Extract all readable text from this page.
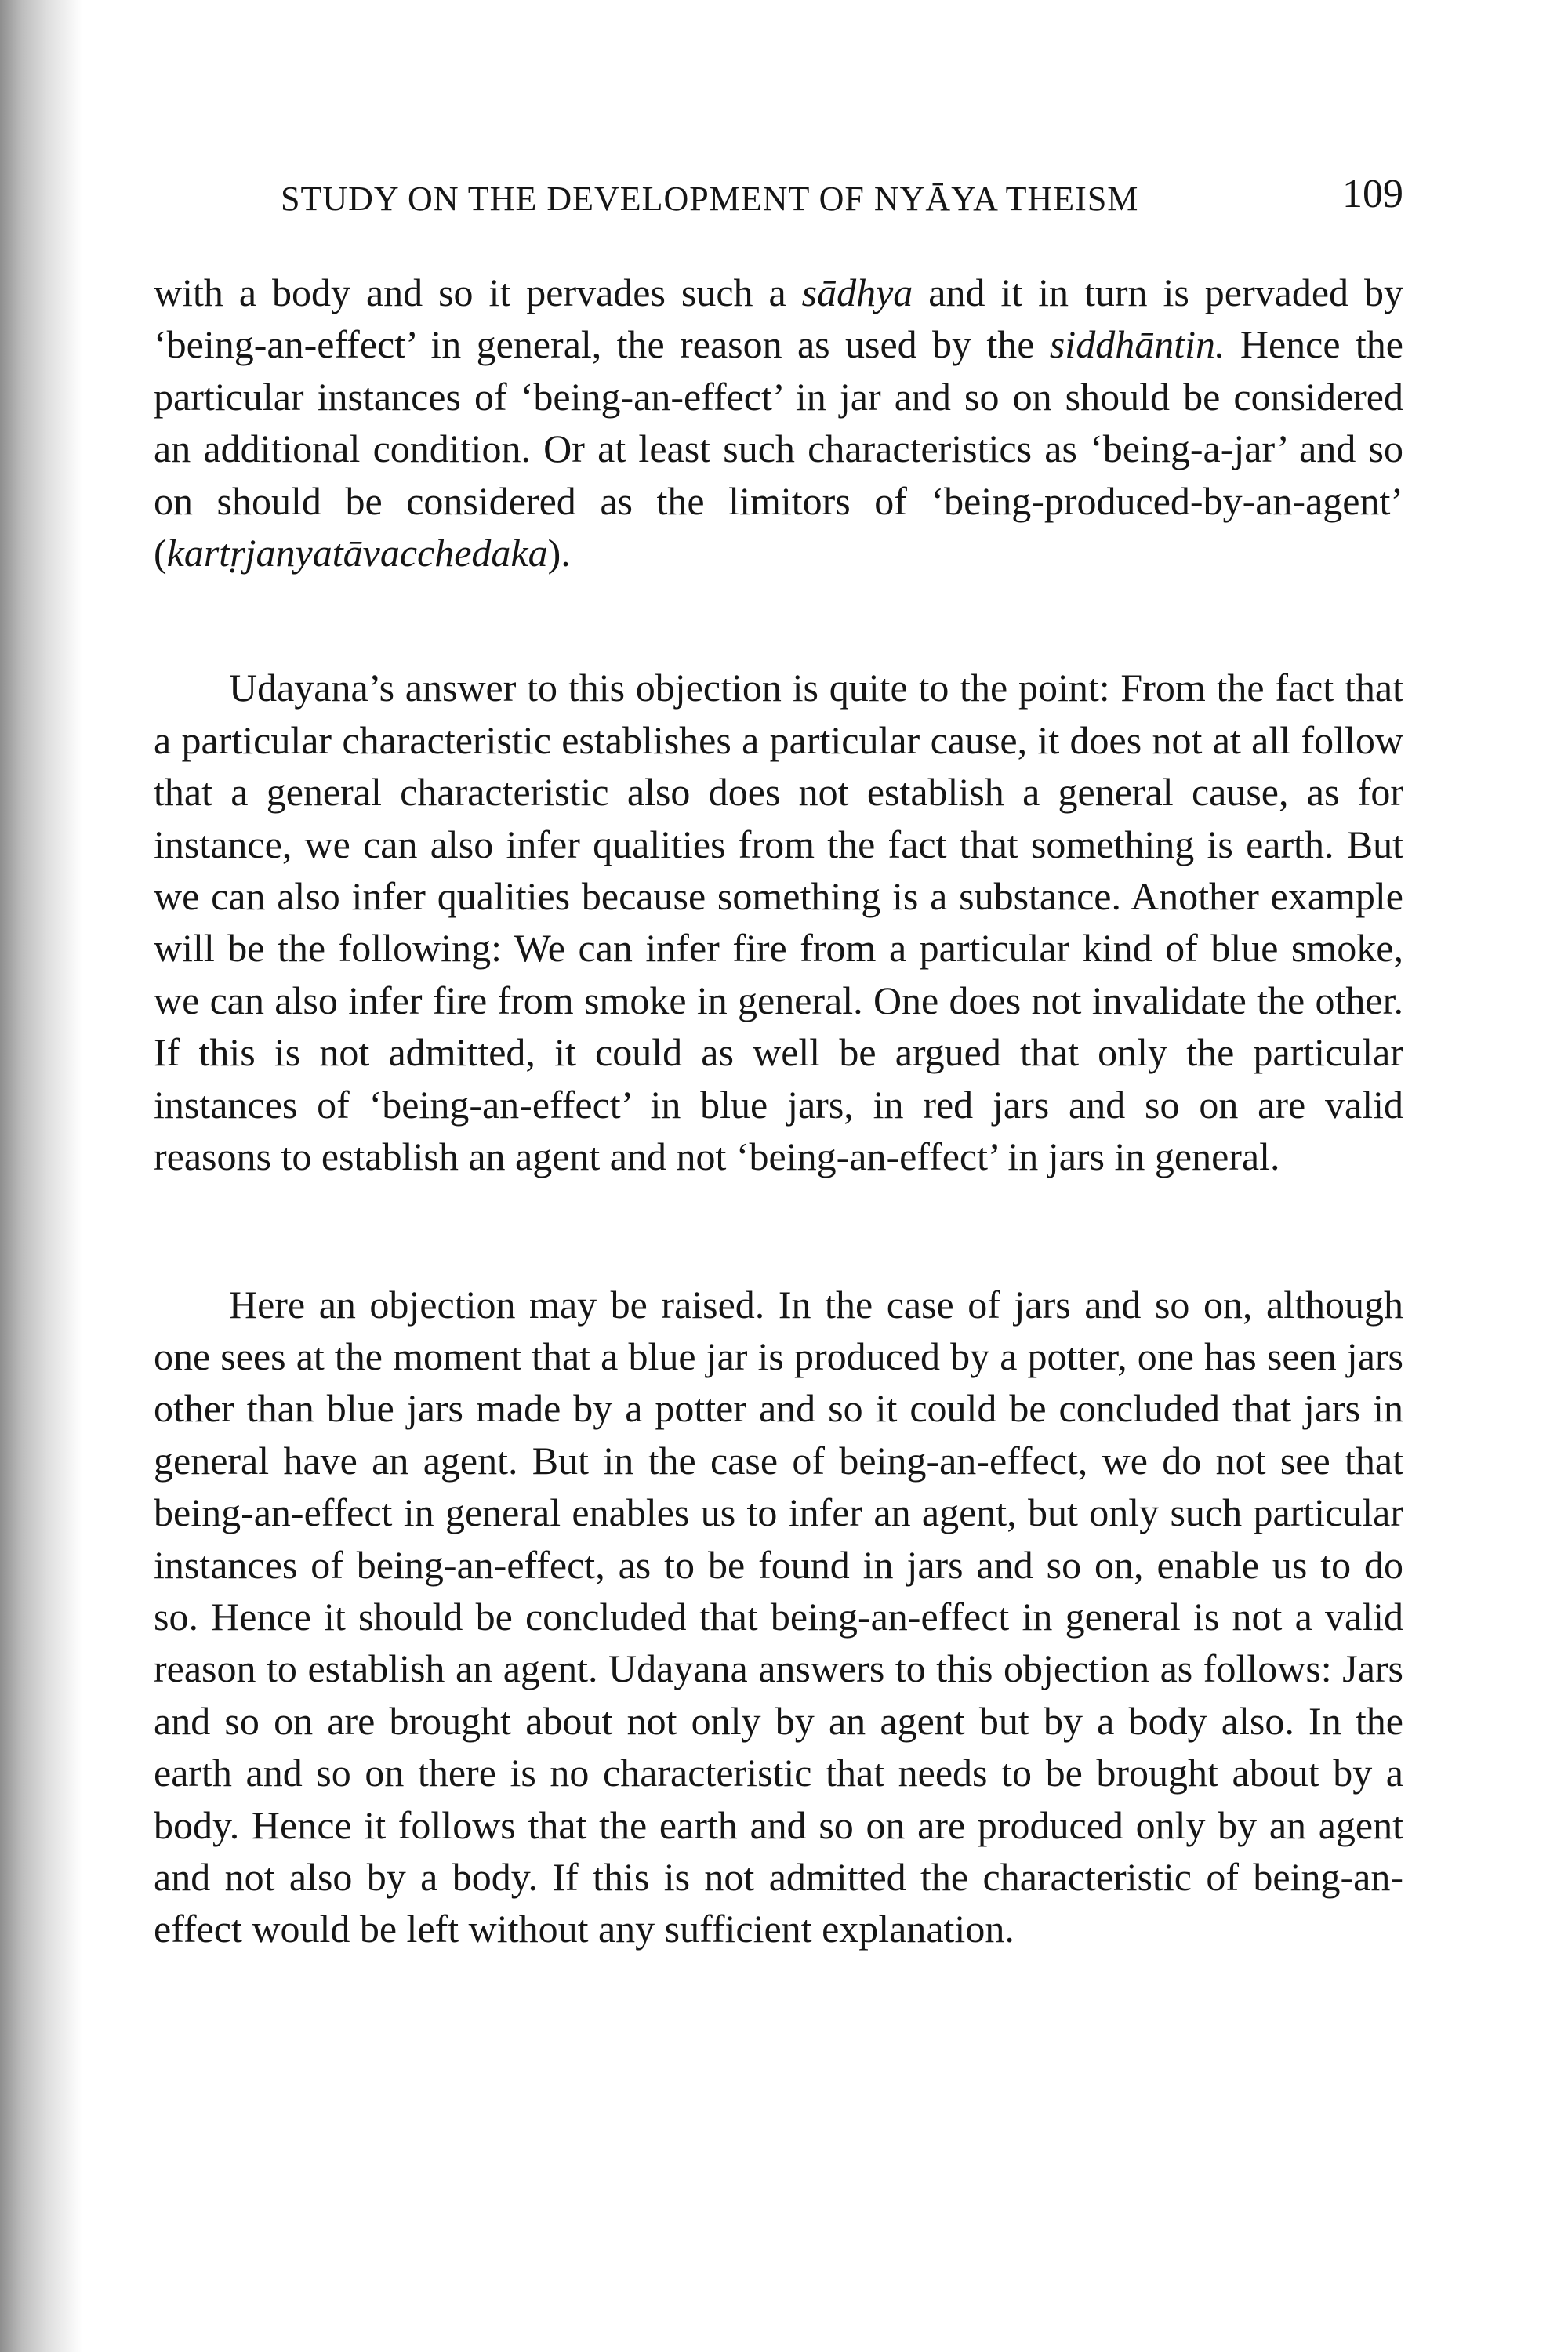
STUDY ON THE DEVELOPMENT OF NYĀYA THEISM	109

with a body and so it pervades such a sādhya and it in turn is pervaded by ‘being-an-effect’ in general, the reason as used by the siddhāntin. Hence the particular instances of ‘being-an-effect’ in jar and so on should be considered an additional condition. Or at least such characteristics as ‘being-a-jar’ and so on should be considered as the limitors of ‘being-produced-by-an-agent’ (kartṛjanyatāvacchedaka).

Udayana’s answer to this objection is quite to the point: From the fact that a particular characteristic establishes a particular cause, it does not at all follow that a general characteristic also does not establish a general cause, as for instance, we can also infer qualities from the fact that something is earth. But we can also infer qualities because something is a substance. Another example will be the following: We can infer fire from a particular kind of blue smoke, we can also infer fire from smoke in general. One does not invalidate the other. If this is not admitted, it could as well be argued that only the particular instances of ‘being-an-effect’ in blue jars, in red jars and so on are valid reasons to establish an agent and not ‘being-an-effect’ in jars in general.

Here an objection may be raised. In the case of jars and so on, although one sees at the moment that a blue jar is produced by a potter, one has seen jars other than blue jars made by a potter and so it could be concluded that jars in general have an agent. But in the case of being-an-effect, we do not see that being-an-effect in general enables us to infer an agent, but only such particular instances of being-an-effect, as to be found in jars and so on, enable us to do so. Hence it should be concluded that being-an-effect in general is not a valid reason to establish an agent. Udayana answers to this objection as follows: Jars and so on are brought about not only by an agent but by a body also. In the earth and so on there is no characteristic that needs to be brought about by a body. Hence it follows that the earth and so on are produced only by an agent and not also by a body. If this is not admitted the characteristic of being-an-effect would be left without any sufficient explanation.
